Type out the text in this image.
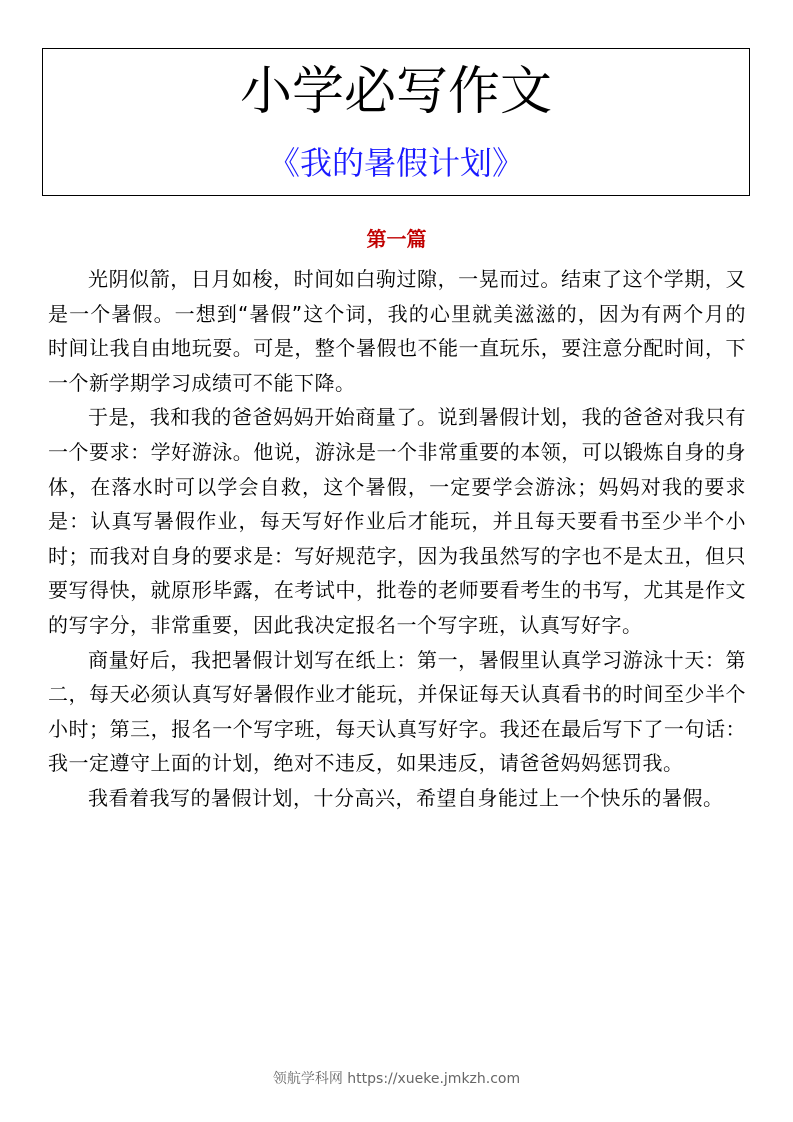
小学必写作文
《我的暑假计划》
第一篇

光阴似箭，日月如梭，时间如白驹过隙，一晃而过。结束了这个学期，又是一个暑假。一想到“暑假”这个词，我的心里就美滋滋的，因为有两个月的时间让我自由地玩耍。可是，整个暑假也不能一直玩乐，要注意分配时间，下一个新学期学习成绩可不能下降。

于是，我和我的爸爸妈妈开始商量了。说到暑假计划，我的爸爸对我只有一个要求：学好游泳。他说，游泳是一个非常重要的本领，可以锻炼自身的身体，在落水时可以学会自救，这个暑假，一定要学会游泳；妈妈对我的要求是：认真写暑假作业，每天写好作业后才能玩，并且每天要看书至少半个小时；而我对自身的要求是：写好规范字，因为我虽然写的字也不是太丑，但只要写得快，就原形毕露，在考试中，批卷的老师要看考生的书写，尤其是作文的写字分，非常重要，因此我决定报名一个写字班，认真写好字。

商量好后，我把暑假计划写在纸上：第一，暑假里认真学习游泳十天：第二，每天必须认真写好暑假作业才能玩，并保证每天认真看书的时间至少半个小时；第三，报名一个写字班，每天认真写好字。我还在最后写下了一句话：我一定遵守上面的计划，绝对不违反，如果违反，请爸爸妈妈惩罚我。

我看着我写的暑假计划，十分高兴，希望自身能过上一个快乐的暑假。

领航学科网 https://xueke.jmkzh.com
